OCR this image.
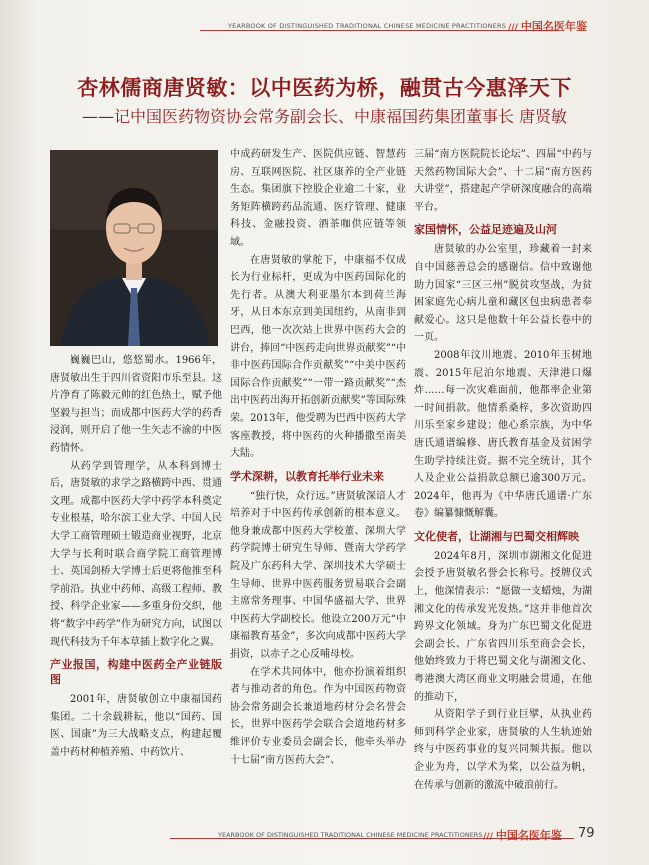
YEARBOOK OF DISTINGUISHED TRADITIONAL CHINESE MEDICINE PRACTITIONERS	/// 中国名医年鉴
杏林儒商唐贤敏：以中医药为桥，融贯古今惠泽天下
——记中国医药物资协会常务副会长、中康福国药集团董事长 唐贤敏

巍巍巴山，悠悠蜀水。1966年，唐贤敏出生于四川省资阳市乐至县。这片净育了陈毅元帅的红色热土，赋予他坚毅与担当；而成都中医药大学的药香浸润，则开启了他一生矢志不渝的中医药情怀。

从药学到管理学，从本科到博士后，唐贤敏的求学之路横跨中西、贯通文理。成都中医药大学中药学本科奠定专业根基，哈尔滨工业大学、中国人民大学工商管理硕士锻造商业视野，北京大学与长利时联合商学院工商管理博士、英国剑桥大学博士后更将他推至科学前沿。执业中药师、高级工程师、教授、科学企业家——多重身份交织，他将“数字中药学”作为研究方向，试图以现代科技为千年本草插上数字化之翼。

产业报国，构建中医药全产业链版图

2001年，唐贤敏创立中康福国药集团。二十余载耕耘，他以“国药、国医、国康”为三大战略支点，构建起覆盖中药材种植养殖、中药饮片、

中成药研发生产、医院供应链、智慧药房、互联网医院、社区康养的全产业链生态。集团旗下控股企业逾二十家，业务矩阵横跨药品流通、医疗管理、健康科技、金融投资、酒茶咖供应链等领域。

在唐贤敏的掌舵下，中康福不仅成长为行业标杆，更成为中医药国际化的先行者。从澳大利亚墨尔本到荷兰海牙，从日本东京到美国纽约，从南非到巴西，他一次次站上世界中医药大会的讲台，捧回“中医药走向世界贡献奖”“中非中医药国际合作贡献奖”“中美中医药国际合作贡献奖”“一带一路贡献奖”“杰出中医药出海开拓创新贡献奖”等国际殊荣。2013年，他受聘为巴西中医药大学客座教授，将中医药的火种播撒至南美大陆。

学术深耕，以教育托举行业未来

“独行快，众行远。”唐贤敏深谙人才培养对于中医药传承创新的根本意义。他身兼成都中医药大学校董、深圳大学药学院博士研究生导师、暨南大学药学院及广东药科大学、深圳技术大学硕士生导师、世界中医药服务贸易联合会副主席常务理事、中国华盛福大学、世界中医药大学副校长。他设立200万元“中康福教育基金”，多次向成都中医药大学捐资，以赤子之心反哺母校。

在学术共同体中，他亦扮演着组织者与推动者的角色。作为中国医药物资协会常务副会长兼道地药材分会名誉会长，世界中医药学会联合会道地药材多维评价专业委员会副会长，他牵头举办十七届“南方医药大会”、

三届“南方医院院长论坛”、四届“中药与天然药物国际大会”、十二届“南方医药大讲堂”，搭建起产学研深度融合的高端平台。

家国情怀，公益足迹遍及山河

唐贤敏的办公室里，珍藏着一封来自中国慈善总会的感谢信。信中致谢他助力国家“三区三州”脱贫攻坚战，为贫困家庭先心病儿童和藏区包虫病患者奉献爱心。这只是他数十年公益长卷中的一页。

2008年汶川地震、2010年玉树地震、2015年尼泊尔地震、天津港口爆炸……每一次灾难面前，他都率企业第一时间捐款。他情系桑梓，多次资助四川乐至家乡建设；他心系宗族，为中华唐氏通谱编修、唐氏教育基金及贫困学生助学持续注资。据不完全统计，其个人及企业公益捐款总额已逾300万元。2024年，他再为《中华唐氏通谱·广东卷》编纂慷慨解囊。

文化使者，让湖湘与巴蜀交相辉映

2024年8月，深圳市湖湘文化促进会授予唐贤敏名誉会长称号。授牌仪式上，他深情表示：“愿做一支蜡烛，为湖湘文化的传承发光发热。”这并非他首次跨界文化领域。身为广东巴蜀文化促进会副会长、广东省四川乐至商会会长，他始终致力于将巴蜀文化与湖湘文化、粤港澳大湾区商业文明融会贯通，在他的推动下，

从资阳学子到行业巨擘，从执业药师到科学企业家，唐贤敏的人生轨迹始终与中医药事业的复兴同频共振。他以企业为舟，以学术为桨，以公益为帆，在传承与创新的激流中破浪前行。

YEARBOOK OF DISTINGUISHED TRADITIONAL CHINESE MEDICINE PRACTITIONERS	/// 中国名医年鉴 79
